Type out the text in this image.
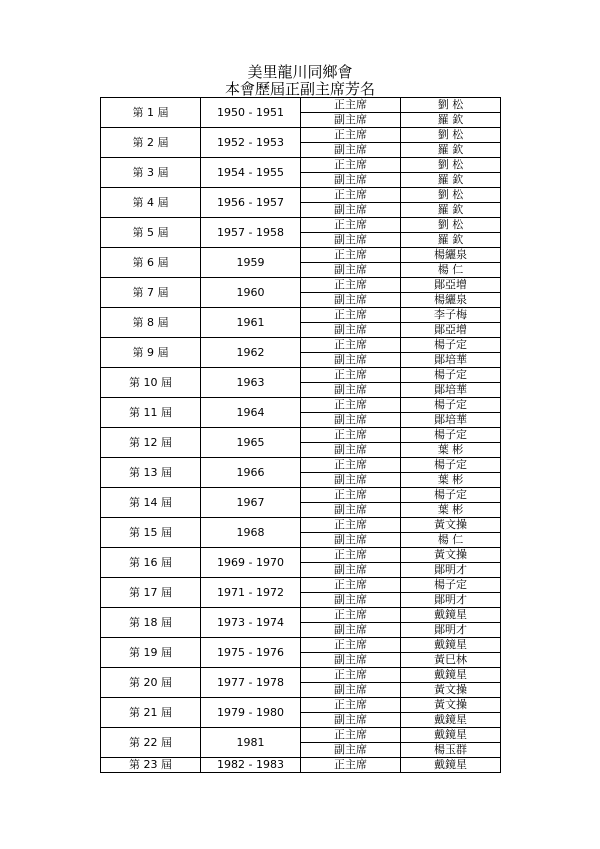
美里龍川同鄉會
本會歷屆正副主席芳名
第 1 屆	1950 - 1951	正主席	劉 松
		副主席	羅 欽
第 2 屆	1952 - 1953	正主席	劉 松
		副主席	羅 欽
第 3 屆	1954 - 1955	正主席	劉 松
		副主席	羅 欽
第 4 屆	1956 - 1957	正主席	劉 松
		副主席	羅 欽
第 5 屆	1957 - 1958	正主席	劉 松
		副主席	羅 欽
第 6 屆	1959	正主席	楊纚泉
		副主席	楊 仁
第 7 屆	1960	正主席	鄖亞增
		副主席	楊纚泉
第 8 屆	1961	正主席	李子梅
		副主席	鄖亞增
第 9 屆	1962	正主席	楊子定
		副主席	鄖培華
第 10 屆	1963	正主席	楊子定
		副主席	鄖培華
第 11 屆	1964	正主席	楊子定
		副主席	鄖培華
第 12 屆	1965	正主席	楊子定
		副主席	葉 彬
第 13 屆	1966	正主席	楊子定
		副主席	葉 彬
第 14 屆	1967	正主席	楊子定
		副主席	葉 彬
第 15 屆	1968	正主席	黃文操
		副主席	楊 仁
第 16 屆	1969 - 1970	正主席	黃文操
		副主席	鄖明才
第 17 屆	1971 - 1972	正主席	楊子定
		副主席	鄖明才
第 18 屆	1973 - 1974	正主席	戴鏡星
		副主席	鄖明才
第 19 屆	1975 - 1976	正主席	戴鏡星
		副主席	黃巳林
第 20 屆	1977 - 1978	正主席	戴鏡星
		副主席	黃文操
第 21 屆	1979 - 1980	正主席	黃文操
		副主席	戴鏡星
第 22 屆	1981	正主席	戴鏡星
		副主席	楊玉群
第 23 屆	1982 - 1983	正主席	戴鏡星
